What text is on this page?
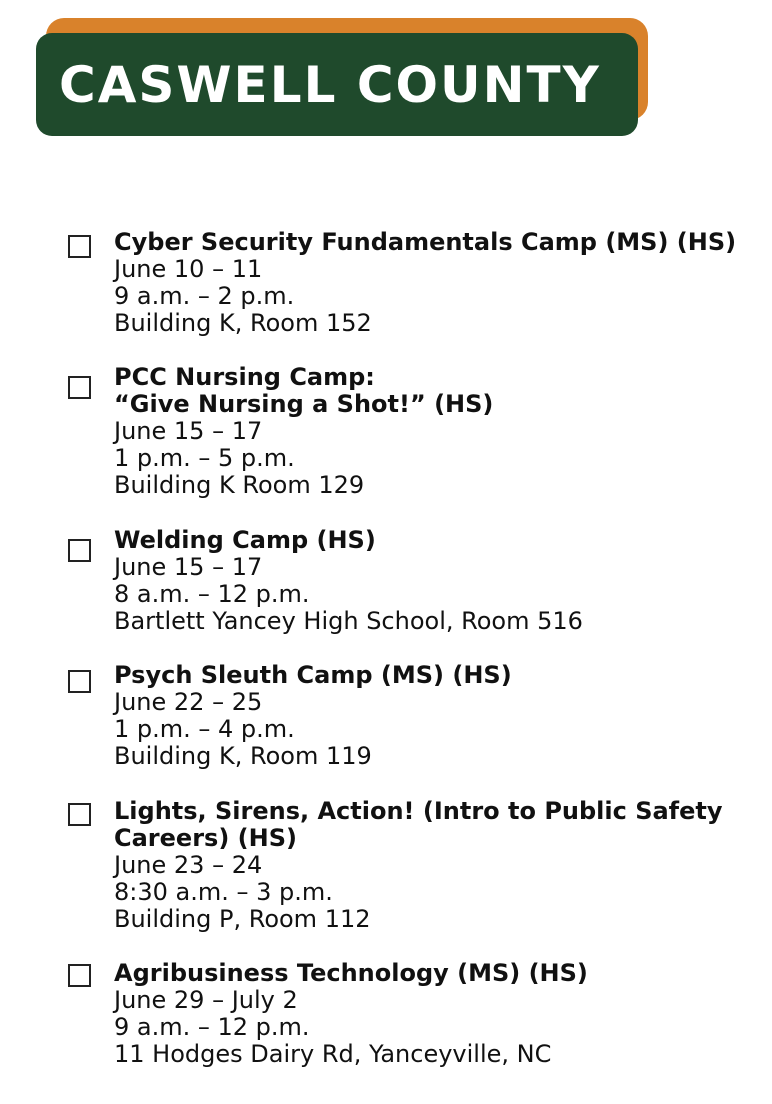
CASWELL COUNTY
Cyber Security Fundamentals Camp (MS) (HS)
June 10 – 11
9 a.m. – 2 p.m.
Building K, Room 152
PCC Nursing Camp:
“Give Nursing a Shot!” (HS)
June 15 – 17
1 p.m. – 5 p.m.
Building K Room 129
Welding Camp (HS)
June 15 – 17
8 a.m. – 12 p.m.
Bartlett Yancey High School, Room 516
Psych Sleuth Camp (MS) (HS)
June 22 – 25
1 p.m. – 4 p.m.
Building K, Room 119
Lights, Sirens, Action! (Intro to Public Safety
Careers) (HS)
June 23 – 24
8:30 a.m. – 3 p.m.
Building P, Room 112
Agribusiness Technology (MS) (HS)
June 29 – July 2
9 a.m. – 12 p.m.
11 Hodges Dairy Rd, Yanceyville, NC
